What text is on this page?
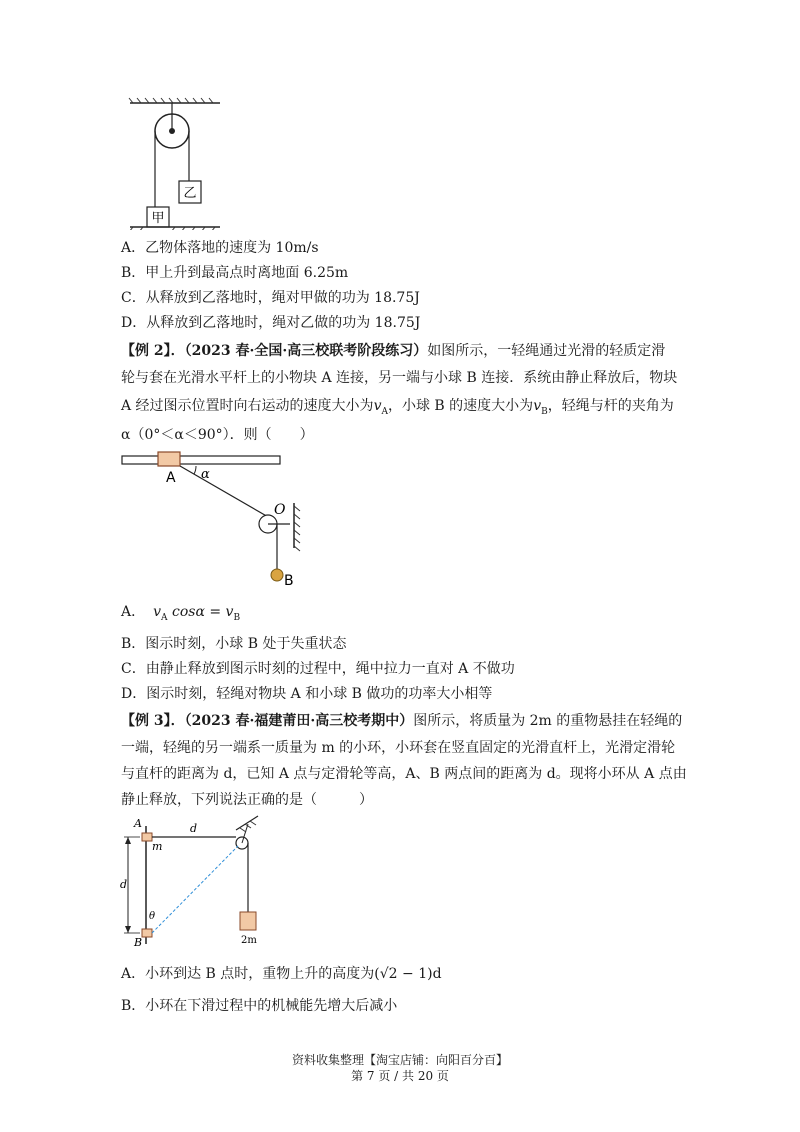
乙
甲
A．乙物体落地的速度为 10m/s
B．甲上升到最高点时离地面 6.25m
C．从释放到乙落地时，绳对甲做的功为 18.75J
D．从释放到乙落地时，绳对乙做的功为 18.75J
【例 2】．（2023 春·全国·高三校联考阶段练习）如图所示，一轻绳通过光滑的轻质定滑
轮与套在光滑水平杆上的小物块 A 连接，另一端与小球 B 连接．系统由静止释放后，物块
A 经过图示位置时向右运动的速度大小为$v_A$，小球 B 的速度大小为$v_B$，轻绳与杆的夹角为
α（0°＜α＜90°）．则（　　）
A α
O
B
A． $v_A$ $\cos\alpha = v_B$
B．图示时刻，小球 B 处于失重状态
C．由静止释放到图示时刻的过程中，绳中拉力一直对 A 不做功
D．图示时刻，轻绳对物块 A 和小球 B 做功的功率大小相等
【例 3】．（2023 春·福建莆田·高三校考期中）图所示，将质量为 2m 的重物悬挂在轻绳的
一端，轻绳的另一端系一质量为 m 的小环，小环套在竖直固定的光滑直杆上，光滑定滑轮
与直杆的距离为 d，已知 A 点与定滑轮等高，A、B 两点间的距离为 d。现将小环从 A 点由
静止释放，下列说法正确的是（　　　）
A
m
d
d
θ
B	2m
A．小环到达 B 点时，重物上升的高度为(√2 − 1)d
B．小环在下滑过程中的机械能先增大后减小
资料收集整理【淘宝店铺：向阳百分百】
第 7 页 / 共 20 页
